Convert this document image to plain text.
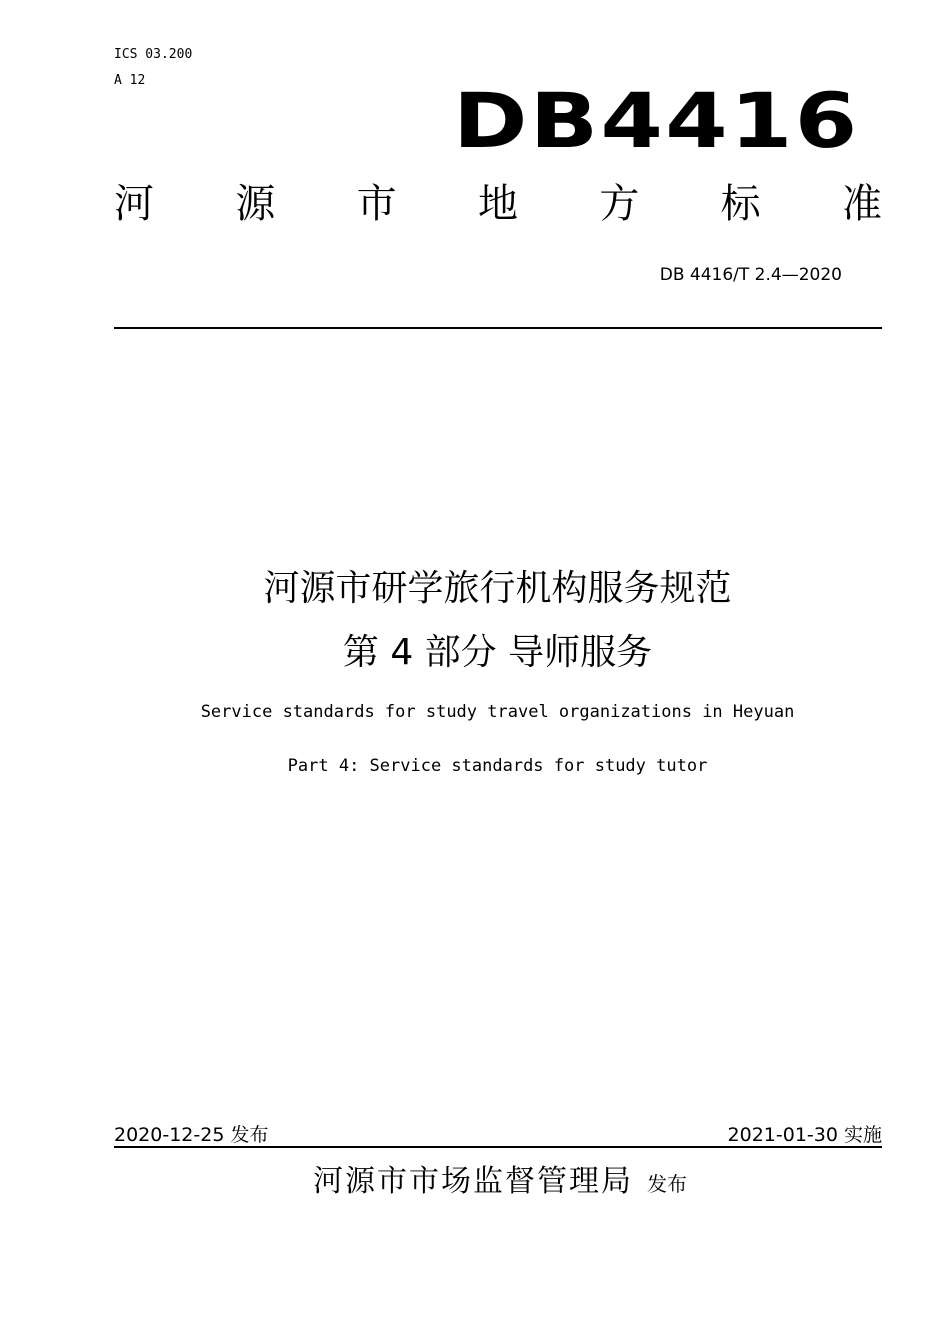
ICS 03.200
A 12	DB4416
河 源 市 地 方 标 准
DB 4416/T 2.4—2020
河源市研学旅行机构服务规范
第 4 部分 导师服务
Service standards for study travel organizations in Heyuan
Part 4: Service standards for study tutor
2020-12-25 发布	2021-01-30 实施
河源市市场监督管理局 发布
